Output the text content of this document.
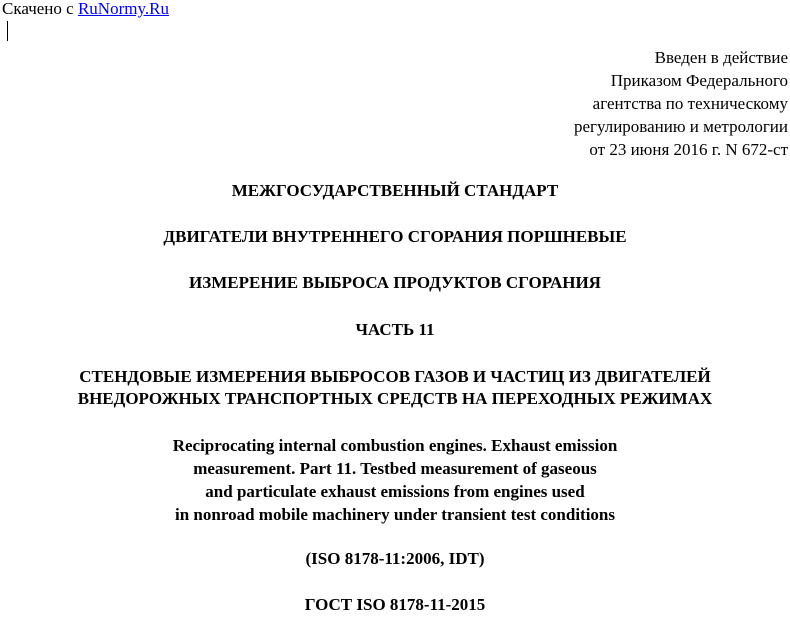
Скачено с RuNormy.Ru
Введен в действие
Приказом Федерального
агентства по техническому
регулированию и метрологии
от 23 июня 2016 г. N 672-ст
МЕЖГОСУДАРСТВЕННЫЙ СТАНДАРТ
ДВИГАТЕЛИ ВНУТРЕННЕГО СГОРАНИЯ ПОРШНЕВЫЕ
ИЗМЕРЕНИЕ ВЫБРОСА ПРОДУКТОВ СГОРАНИЯ
ЧАСТЬ 11
СТЕНДОВЫЕ ИЗМЕРЕНИЯ ВЫБРОСОВ ГАЗОВ И ЧАСТИЦ ИЗ ДВИГАТЕЛЕЙ
ВНЕДОРОЖНЫХ ТРАНСПОРТНЫХ СРЕДСТВ НА ПЕРЕХОДНЫХ РЕЖИМАХ
Reciprocating internal combustion engines. Exhaust emission
measurement. Part 11. Testbed measurement of gaseous
and particulate exhaust emissions from engines used
in nonroad mobile machinery under transient test conditions
(ISO 8178-11:2006, IDT)
ГОСТ ISO 8178-11-2015
